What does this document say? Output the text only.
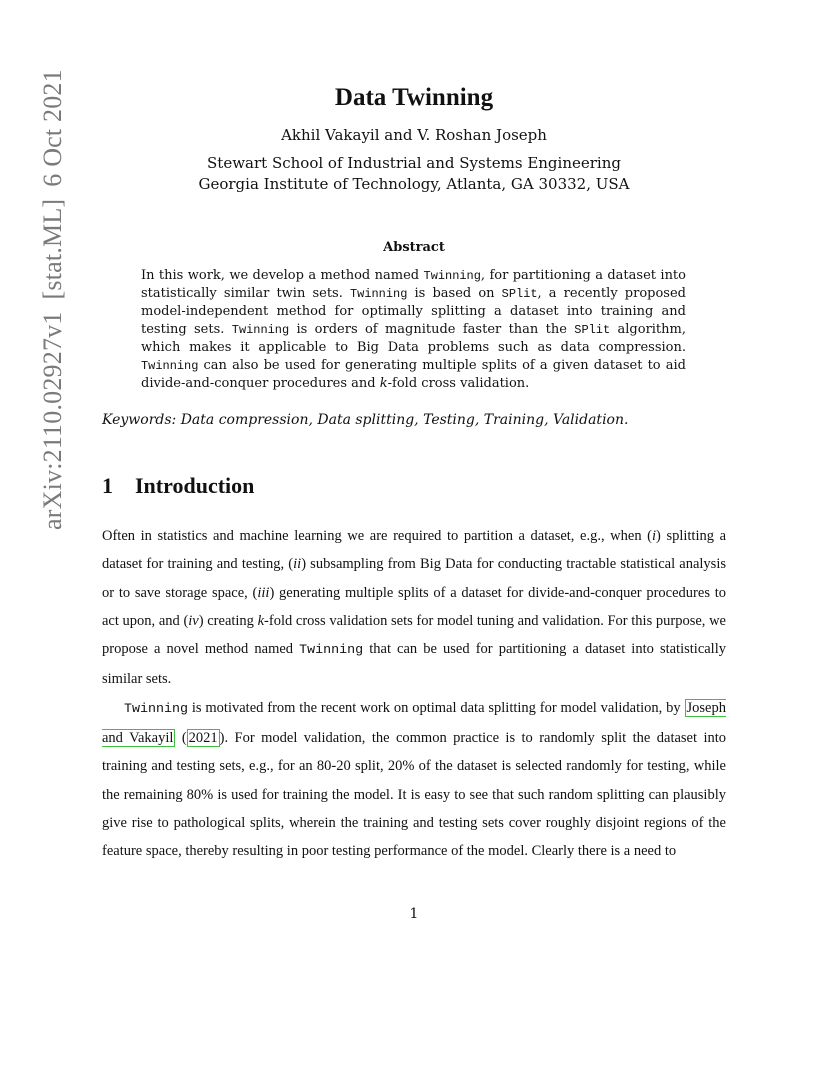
arXiv:2110.02927v1[stat.ML]6 Oct 2021	Data Twinning
Akhil Vakayil and V. Roshan Joseph
Stewart School of Industrial and Systems Engineering
Georgia Institute of Technology, Atlanta, GA 30332, USA
Abstract
In this work, we develop a method named Twinning, for partitioning a dataset into statistically similar twin sets. Twinning is based on SPlit, a recently proposed model-independent method for optimally splitting a dataset into training and testing sets. Twinning is orders of magnitude faster than the SPlit algorithm, which makes it applicable to Big Data problems such as data compression. Twinning can also be used for generating multiple splits of a given dataset to aid divide-and-conquer procedures and k-fold cross validation.
Keywords: Data compression, Data splitting, Testing, Training, Validation.
1 Introduction

Often in statistics and machine learning we are required to partition a dataset, e.g., when (i) splitting a dataset for training and testing, (ii) subsampling from Big Data for conducting tractable statistical analysis or to save storage space, (iii) generating multiple splits of a dataset for divide-and-conquer procedures to act upon, and (iv) creating k-fold cross validation sets for model tuning and validation. For this purpose, we propose a novel method named Twinning that can be used for partitioning a dataset into statistically similar sets.

Twinning is motivated from the recent work on optimal data splitting for model validation, by Joseph and Vakayil ( 2021 ). For model validation, the common practice is to randomly split the dataset into training and testing sets, e.g., for an 80-20 split, 20% of the dataset is selected randomly for testing, while the remaining 80% is used for training the model. It is easy to see that such random splitting can plausibly give rise to pathological splits, wherein the training and testing sets cover roughly disjoint regions of the feature space, thereby resulting in poor testing performance of the model. Clearly there is a need to

1
